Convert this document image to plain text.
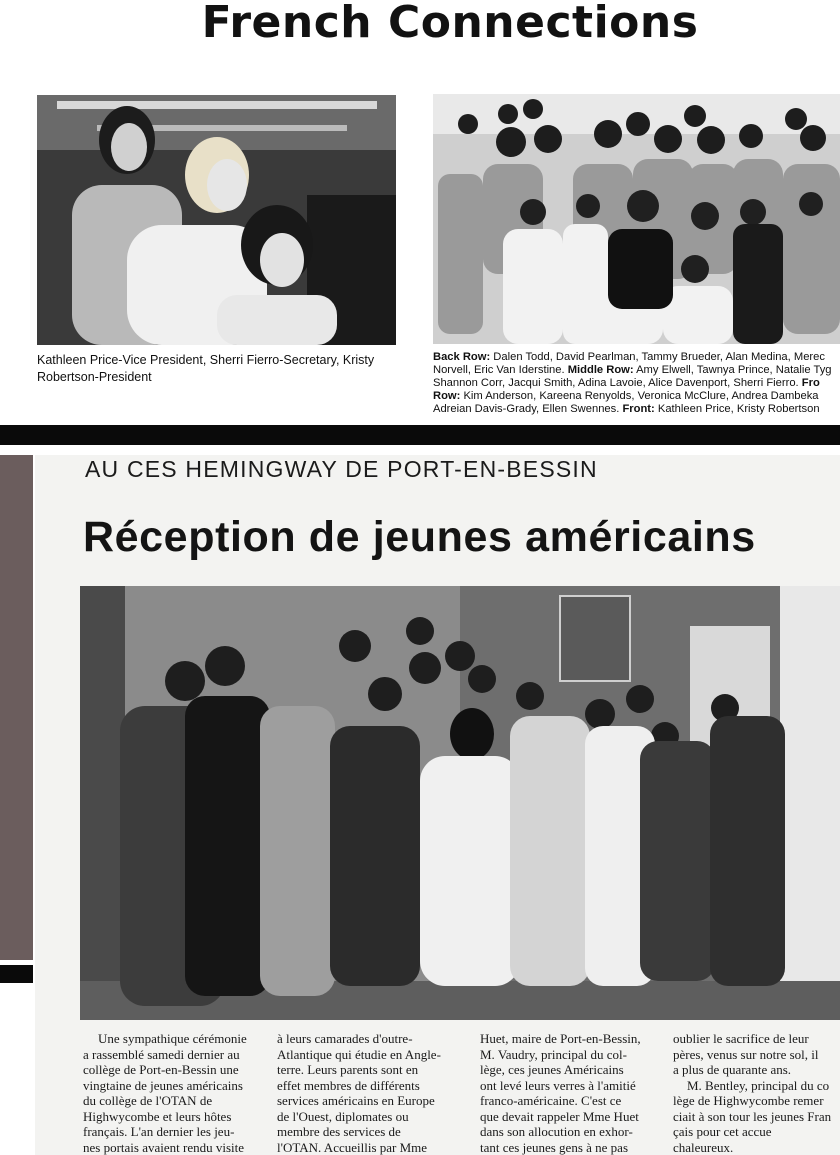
French Connections
Kathleen Price-Vice President, Sherri Fierro-Secretary, Kristy Robertson-President
Back Row: Dalen Todd, David Pearlman, Tammy Brueder, Alan Medina, Merec
Norvell, Eric Van Iderstine. Middle Row: Amy Elwell, Tawnya Prince, Natalie Tyg
Shannon Corr, Jacqui Smith, Adina Lavoie, Alice Davenport, Sherri Fierro. Fro
Row: Kim Anderson, Kareena Renyolds, Veronica McClure, Andrea Dambeka
Adreian Davis-Grady, Ellen Swennes. Front: Kathleen Price, Kristy Robertson
AU CES HEMINGWAY DE PORT-EN-BESSIN
Réception de jeunes américains

Une sympathique cérémonie

a rassemblé samedi dernier au

collège de Port-en-Bessin une

vingtaine de jeunes américains

du collège de l'OTAN de

Highwycombe et leurs hôtes

français. L'an dernier les jeu-

nes portais avaient rendu visite

à leurs camarades d'outre-

Atlantique qui étudie en Angle-

terre. Leurs parents sont en

effet membres de différents

services américains en Europe

de l'Ouest, diplomates ou

membre des services de

l'OTAN. Accueillis par Mme

Huet, maire de Port-en-Bessin,

M. Vaudry, principal du col-

lège, ces jeunes Américains

ont levé leurs verres à l'amitié

franco-américaine. C'est ce

que devait rappeler Mme Huet

dans son allocution en exhor-

tant ces jeunes gens à ne pas

oublier le sacrifice de leur

pères, venus sur notre sol, il

a plus de quarante ans.

M. Bentley, principal du co

lège de Highwycombe remer

ciait à son tour les jeunes Fran

çais pour cet accue

chaleureux.
